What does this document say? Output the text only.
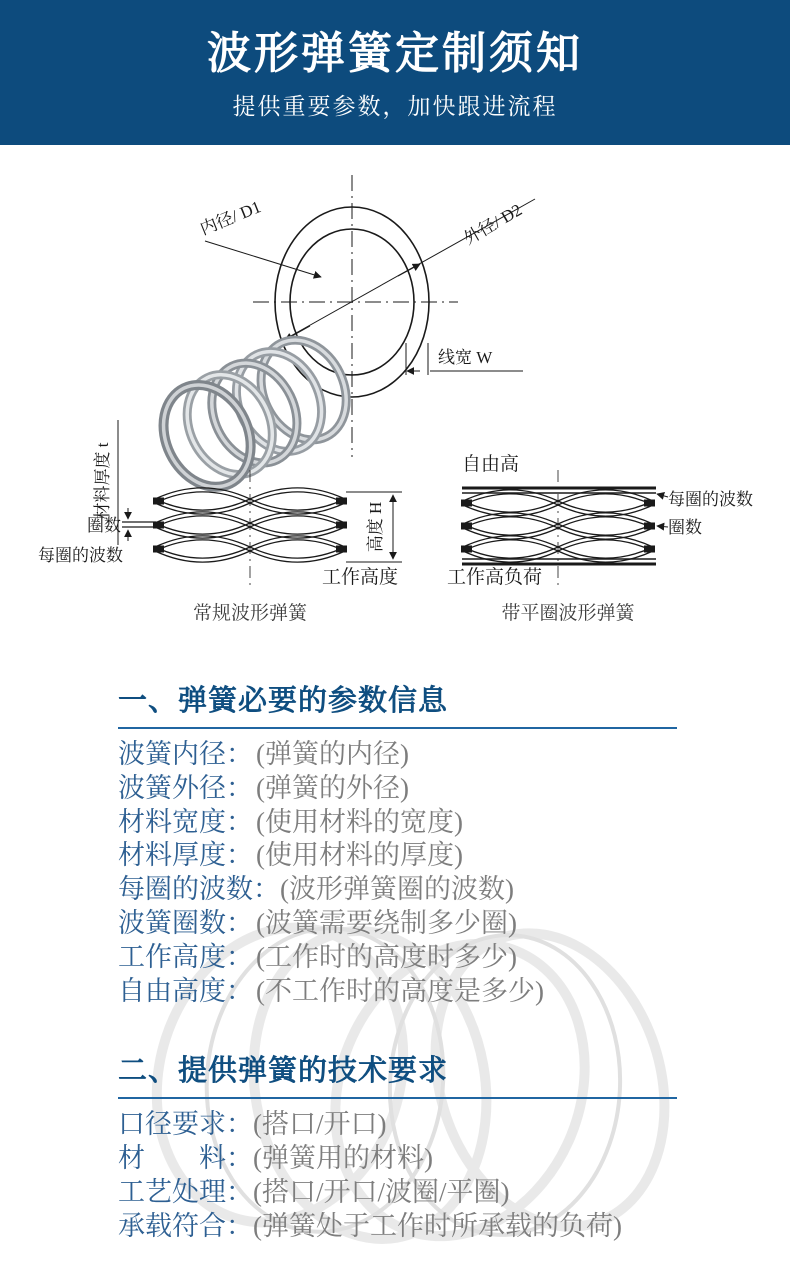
波形弹簧定制须知
提供重要参数，加快跟进流程
内径/ D1	外径/ D2
线宽 W
材料厚度 t
圈数
每圈的波数
高度 H
工作高度
常规波形弹簧
自由高
每圈的波数
圈数
工作高负荷
带平圈波形弹簧
一、弹簧必要的参数信息
波簧内径： (弹簧的内径)
波簧外径： (弹簧的外径)
材料宽度： (使用材料的宽度)
材料厚度： (使用材料的厚度)
每圈的波数： (波形弹簧圈的波数)
波簧圈数： (波簧需要绕制多少圈)
工作高度： (工作时的高度时多少)
自由高度： (不工作时的高度是多少)
二、提供弹簧的技术要求
口径要求： (搭口/开口)
材　　料： (弹簧用的材料)
工艺处理： (搭口/开口/波圈/平圈)
承载符合： (弹簧处于工作时所承载的负荷)
